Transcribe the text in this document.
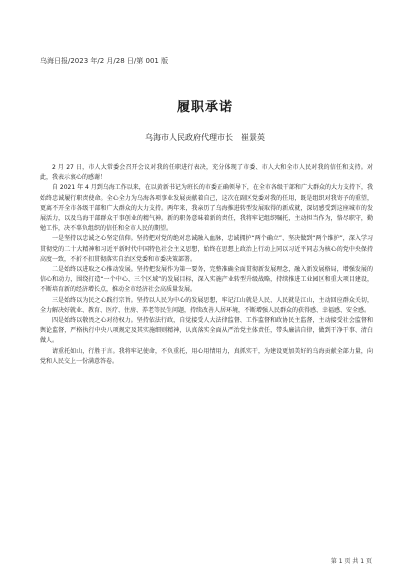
乌海日报/2023 年/2 月/28 日/第 001 版
履职承诺
乌海市人民政府代理市长　崔景英

2 月 27 日，市人大常委会召开会议对我的任职进行表决，充分体现了市委、市人大和全市人民对我的信任和支持。对此，我表示衷心的感谢！

自 2021 年 4 月到乌海工作以来，在以黄新书记为班长的市委正确领导下，在全市各级干部和广大群众的大力支持下，我始终忠诚履行职责使命。全心全力为乌海各项事业发展贡献着自己，这次在副区党委对我的任用，既是组织对我寄予的重望，更离不开全市各级干部和广大群众的大力支持。两年来，我亲历了乌海推进转型发展取得的新成就，深切感受到这座城市的发展活力，以及乌海干部群众干事创业的精气神。新的职务意味着新的责任，我将牢记组织嘱托，主动担当作为，恪尽职守，勤勉工作，决不辜负组织的信任和全市人民的期望。

一是坚持以忠诚之心坚定信仰。坚持把对党的绝对忠诚融入血脉，忠诚拥护“两个确立”、坚决做到“两个维护”，深入学习贯彻党的二十大精神和习近平新时代中国特色社会主义思想，始终在思想上政治上行动上同以习近平同志为核心的党中央保持高度一致，不折不扣贯彻落实自治区党委和市委决策部署。

二是始终以进取之心推动发展。坚持把发展作为第一要务，完整准确全面贯彻新发展理念，融入新发展格局，增强发展的信心和动力，围绕打造“一个中心、三个区域”的发展目标，深入实施产业转型升级战略，持续推进工业园区和重大项目建设，不断培育新的经济增长点，推动全市经济社会高质量发展。

三是始终以为民之心践行宗旨。坚持以人民为中心的发展思想，牢记江山就是人民、人民就是江山，主动回应群众关切，全力解决好就业、教育、医疗、住房、养老等民生问题，持续改善人居环境，不断增强人民群众的获得感、幸福感、安全感。

四是始终以敬畏之心对待权力。坚持依法行政，自觉接受人大法律监督、工作监督和政协民主监督，主动接受社会监督和舆论监督，严格执行中央八项规定及其实施细则精神，认真落实全面从严治党主体责任，带头廉洁自律，做到干净干事、清白做人。

请重托如山，行胜于言。我将牢记使命，不负重托，用心用情用力，真抓实干，为建设更加美好的乌海贡献全部力量，向党和人民交上一份满意答卷。

第 1 页 共 1 页
